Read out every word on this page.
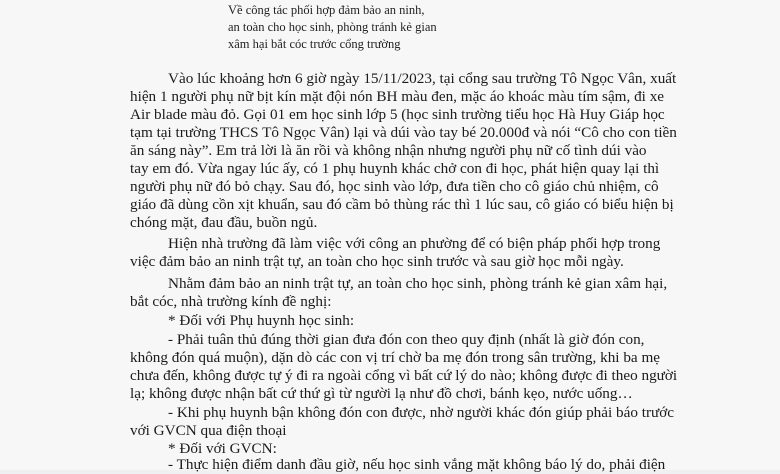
Về công tác phối hợp đảm bảo an ninh,
an toàn cho học sinh, phòng tránh kẻ gian
xâm hại bắt cóc trước cổng trường
Vào lúc khoảng hơn 6 giờ ngày 15/11/2023, tại cổng sau trường Tô Ngọc Vân, xuất
hiện 1 người phụ nữ bịt kín mặt đội nón BH màu đen, mặc áo khoác màu tím sậm, đi xe
Air blade màu đỏ. Gọi 01 em học sinh lớp 5 (học sinh trường tiểu học Hà Huy Giáp học
tạm tại trường THCS Tô Ngọc Vân) lại và dúi vào tay bé 20.000đ và nói “Cô cho con tiền
ăn sáng này”. Em trả lời là ăn rồi và không nhận nhưng người phụ nữ cố tình dúi vào
tay em đó. Vừa ngay lúc ấy, có 1 phụ huynh khác chở con đi học, phát hiện quay lại thì
người phụ nữ đó bỏ chạy. Sau đó, học sinh vào lớp, đưa tiền cho cô giáo chủ nhiệm, cô
giáo đã dùng cồn xịt khuẩn, sau đó cầm bỏ thùng rác thì 1 lúc sau, cô giáo có biểu hiện bị
chóng mặt, đau đầu, buồn ngủ.
Hiện nhà trường đã làm việc với công an phường để có biện pháp phối hợp trong
việc đảm bảo an ninh trật tự, an toàn cho học sinh trước và sau giờ học mỗi ngày.
Nhằm đảm bảo an ninh trật tự, an toàn cho học sinh, phòng tránh kẻ gian xâm hại,
bắt cóc, nhà trường kính đề nghị:
* Đối với Phụ huynh học sinh:
- Phải tuân thủ đúng thời gian đưa đón con theo quy định (nhất là giờ đón con,
không đón quá muộn), dặn dò các con vị trí chờ ba mẹ đón trong sân trường, khi ba mẹ
chưa đến, không được tự ý đi ra ngoài cổng vì bất cứ lý do nào; không được đi theo người
lạ; không được nhận bất cứ thứ gì từ người lạ như đồ chơi, bánh kẹo, nước uống…
- Khi phụ huynh bận không đón con được, nhờ người khác đón giúp phải báo trước
với GVCN qua điện thoại
* Đối với GVCN:
- Thực hiện điểm danh đầu giờ, nếu học sinh vắng mặt không báo lý do, phải điện
